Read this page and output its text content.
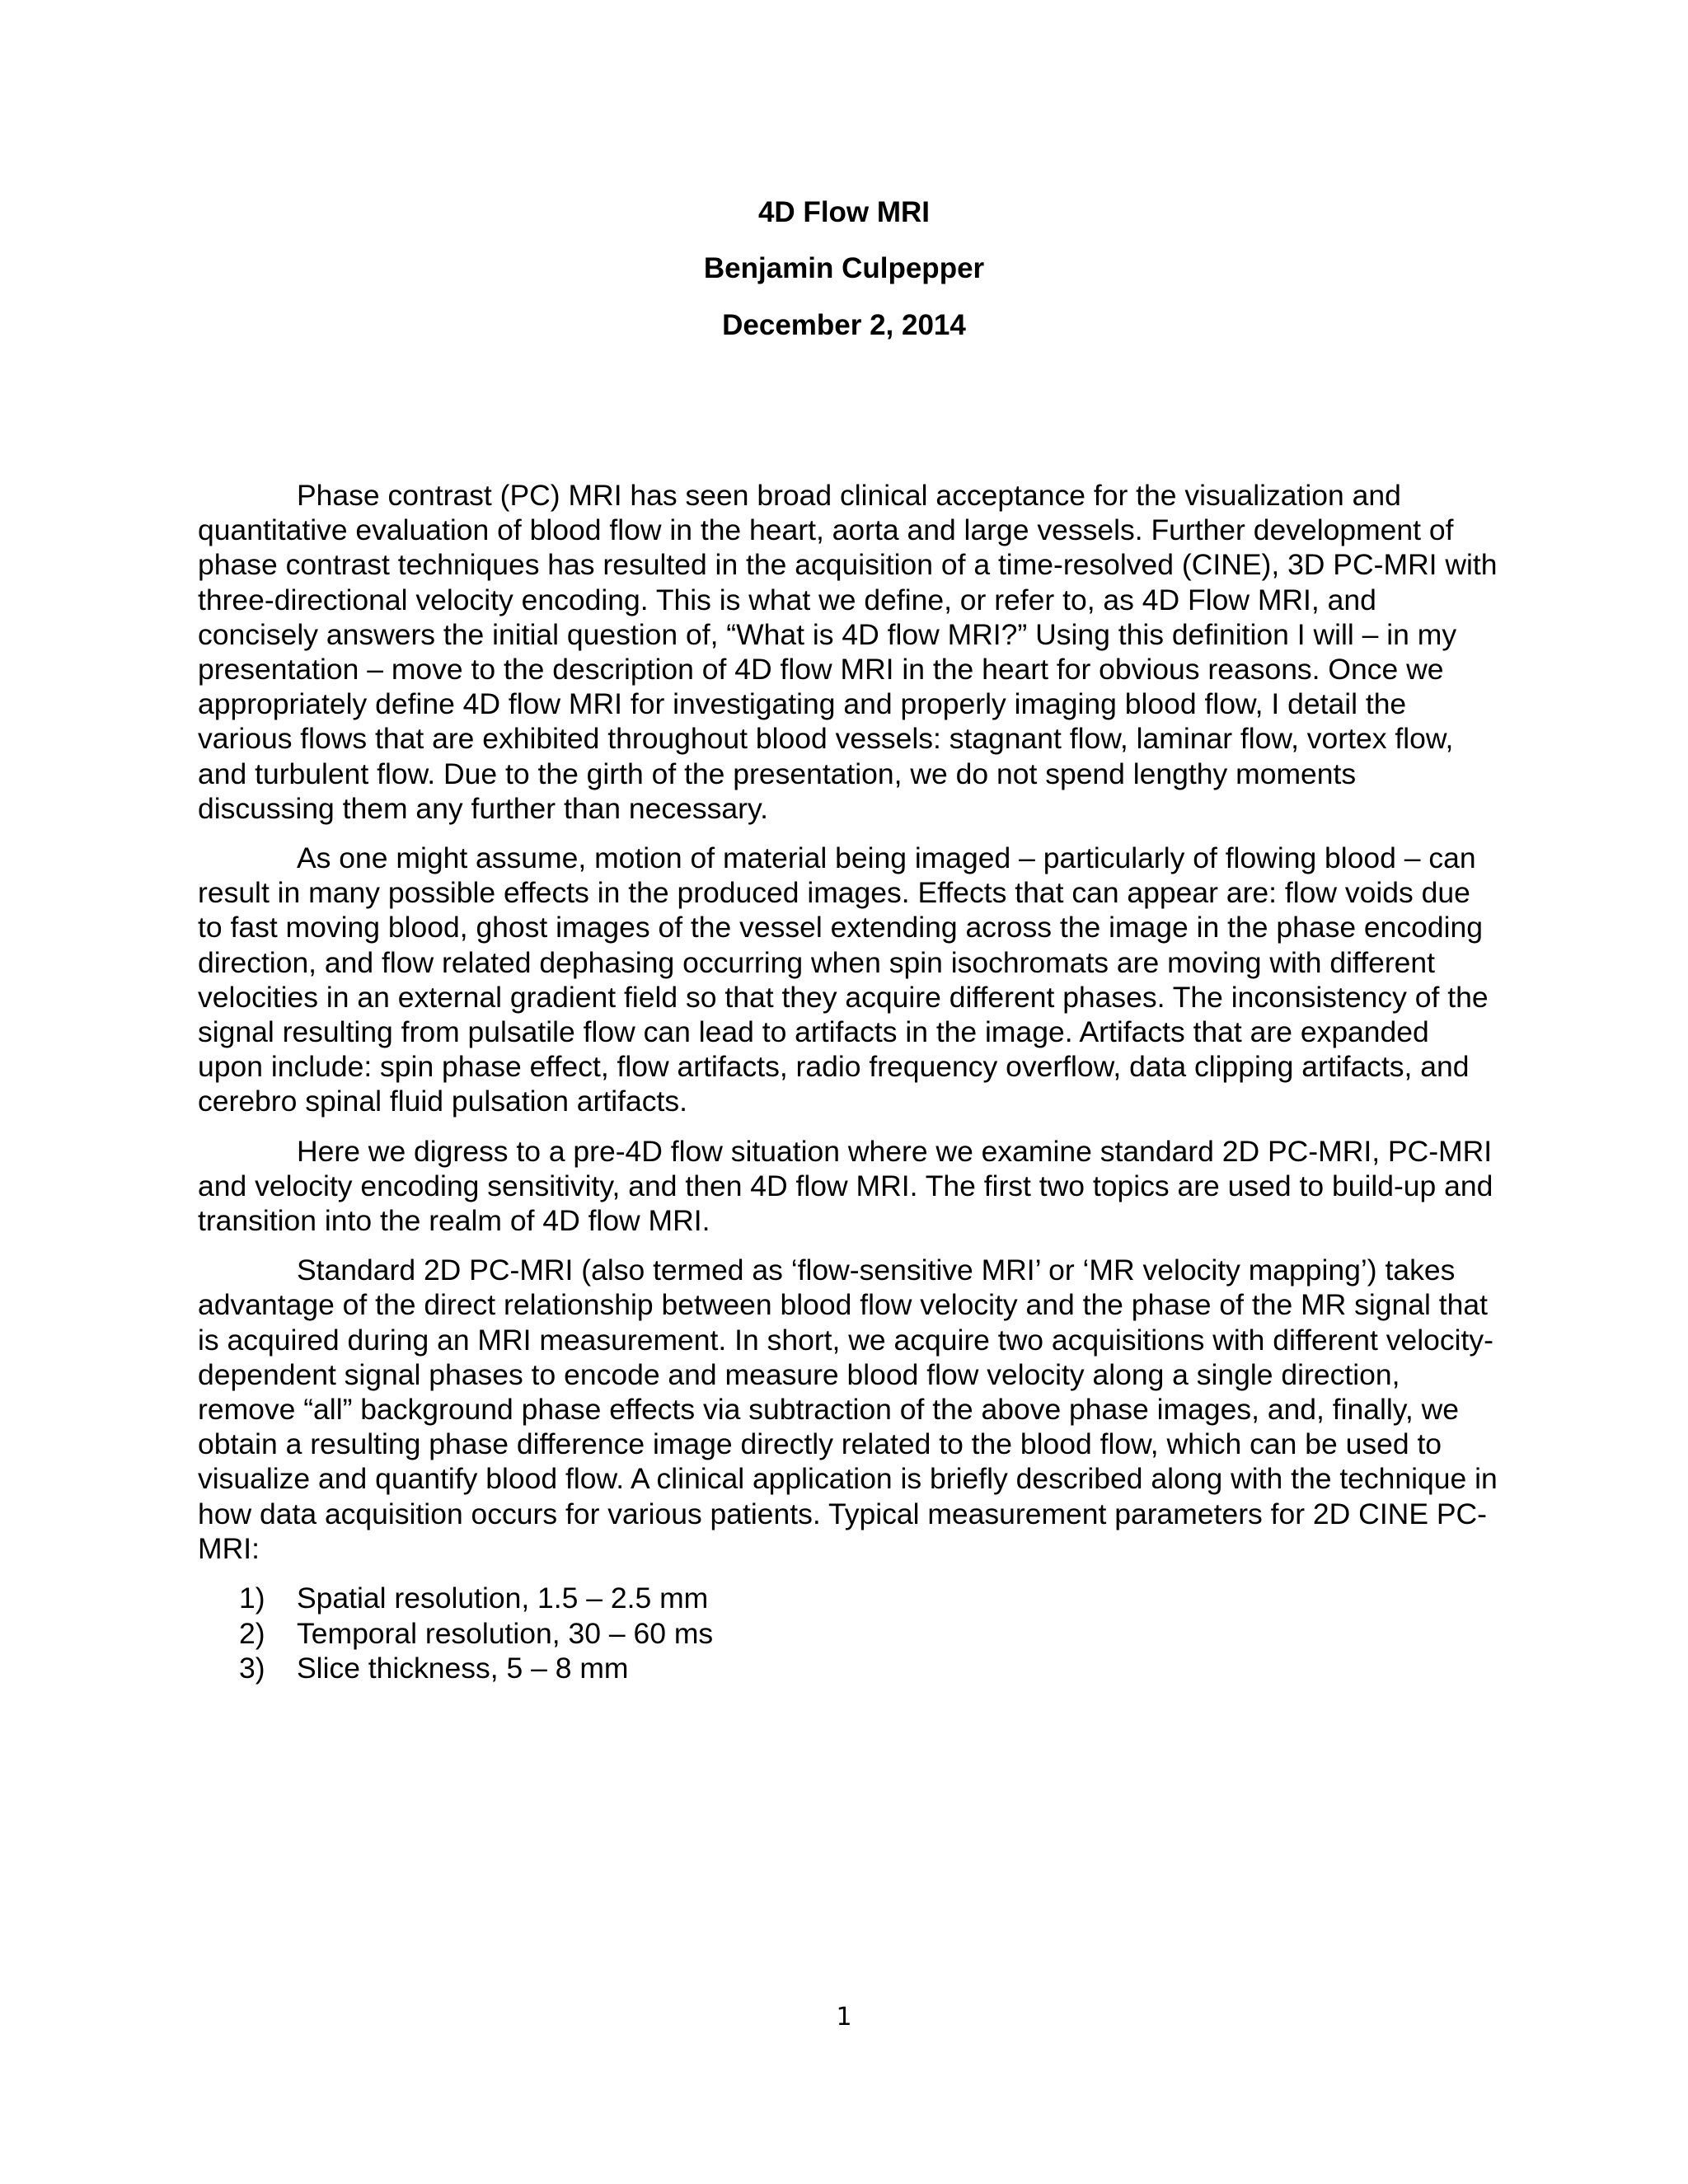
4D Flow MRI
Benjamin Culpepper
December 2, 2014

Phase contrast (PC) MRI has seen broad clinical acceptance for the visualization and quantitative evaluation of blood flow in the heart, aorta and large vessels. Further development of phase contrast techniques has resulted in the acquisition of a time-resolved (CINE), 3D PC-MRI with three-directional velocity encoding. This is what we define, or refer to, as 4D Flow MRI, and concisely answers the initial question of, “What is 4D flow MRI?” Using this definition I will – in my presentation – move to the description of 4D flow MRI in the heart for obvious reasons. Once we appropriately define 4D flow MRI for investigating and properly imaging blood flow, I detail the various flows that are exhibited throughout blood vessels: stagnant flow, laminar flow, vortex flow, and turbulent flow. Due to the girth of the presentation, we do not spend lengthy moments discussing them any further than necessary.

As one might assume, motion of material being imaged – particularly of flowing blood – can result in many possible effects in the produced images. Effects that can appear are: flow voids due to fast moving blood, ghost images of the vessel extending across the image in the phase encoding direction, and flow related dephasing occurring when spin isochromats are moving with different velocities in an external gradient field so that they acquire different phases. The inconsistency of the signal resulting from pulsatile flow can lead to artifacts in the image. Artifacts that are expanded upon include: spin phase effect, flow artifacts, radio frequency overflow, data clipping artifacts, and cerebro spinal fluid pulsation artifacts.

Here we digress to a pre-4D flow situation where we examine standard 2D PC-MRI, PC-MRI and velocity encoding sensitivity, and then 4D flow MRI. The first two topics are used to build-up and transition into the realm of 4D flow MRI.

Standard 2D PC-MRI (also termed as ‘flow-sensitive MRI’ or ‘MR velocity mapping’) takes advantage of the direct relationship between blood flow velocity and the phase of the MR signal that is acquired during an MRI measurement. In short, we acquire two acquisitions with different velocity-dependent signal phases to encode and measure blood flow velocity along a single direction, remove “all” background phase effects via subtraction of the above phase images, and, finally, we obtain a resulting phase difference image directly related to the blood flow, which can be used to visualize and quantify blood flow. A clinical application is briefly described along with the technique in how data acquisition occurs for various patients. Typical measurement parameters for 2D CINE PC-MRI:

1)	Spatial resolution, 1.5 – 2.5 mm
2)	Temporal resolution, 30 – 60 ms
3)	Slice thickness, 5 – 8 mm
1
